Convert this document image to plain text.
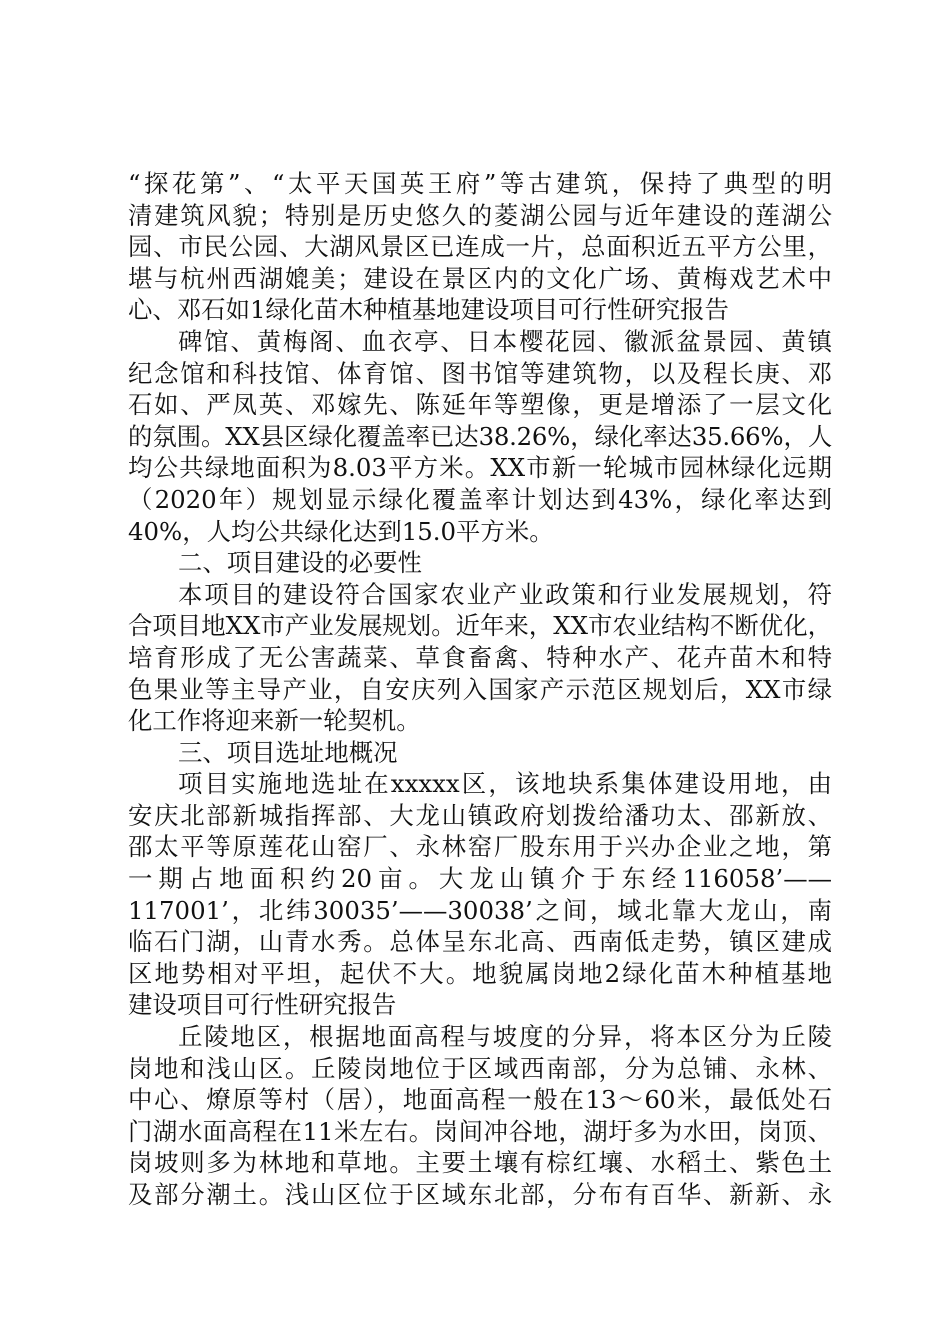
“探花第”、“太平天国英王府”等古建筑，保持了典型的明
清建筑风貌；特别是历史悠久的菱湖公园与近年建设的莲湖公
园、市民公园、大湖风景区已连成一片，总面积近五平方公里，
堪与杭州西湖媲美；建设在景区内的文化广场、黄梅戏艺术中
心、邓石如1绿化苗木种植基地建设项目可行性研究报告
碑馆、黄梅阁、血衣亭、日本樱花园、徽派盆景园、黄镇
纪念馆和科技馆、体育馆、图书馆等建筑物，以及程长庚、邓
石如、严凤英、邓嫁先、陈延年等塑像，更是增添了一层文化
的氛围。XX县区绿化覆盖率已达38.26%，绿化率达35.66%，人
均公共绿地面积为8.03平方米。XX市新一轮城市园林绿化远期
（2020年）规划显示绿化覆盖率计划达到43%，绿化率达到
40%，人均公共绿化达到15.0平方米。
二、项目建设的必要性
本项目的建设符合国家农业产业政策和行业发展规划，符
合项目地XX市产业发展规划。近年来，XX市农业结构不断优化，
培育形成了无公害蔬菜、草食畜禽、特种水产、花卉苗木和特
色果业等主导产业，自安庆列入国家产示范区规划后，XX市绿
化工作将迎来新一轮契机。
三、项目选址地概况
项目实施地选址在xxxxx区，该地块系集体建设用地，由
安庆北部新城指挥部、大龙山镇政府划拨给潘功太、邵新放、
邵太平等原莲花山窑厂、永林窑厂股东用于兴办企业之地，第
一期占地面积约20亩。大龙山镇介于东经116058’——
117001’，北纬30035’——30038’之间，域北靠大龙山，南
临石门湖，山青水秀。总体呈东北高、西南低走势，镇区建成
区地势相对平坦，起伏不大。地貌属岗地2绿化苗木种植基地
建设项目可行性研究报告
丘陵地区，根据地面高程与坡度的分异，将本区分为丘陵
岗地和浅山区。丘陵岗地位于区域西南部，分为总铺、永林、
中心、燎原等村（居），地面高程一般在13～60米，最低处石
门湖水面高程在11米左右。岗间冲谷地，湖圩多为水田，岗顶、
岗坡则多为林地和草地。主要土壤有棕红壤、水稻土、紫色土
及部分潮土。浅山区位于区域东北部，分布有百华、新新、永
